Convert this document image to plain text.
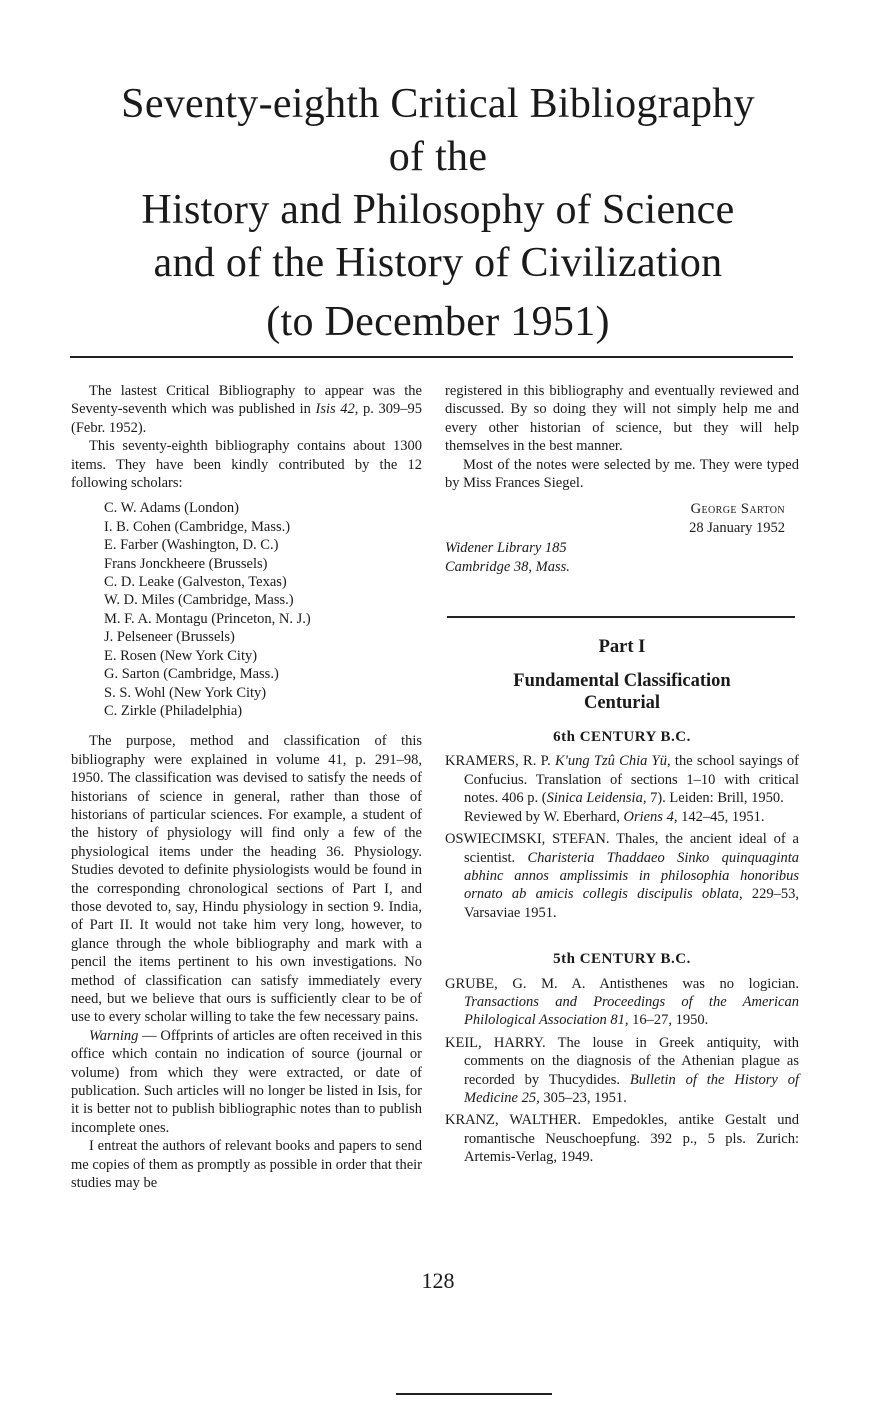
Seventy-eighth Critical Bibliography
of the
History and Philosophy of Science
and of the History of Civilization
(to December 1951)

The lastest Critical Bibliography to appear was the Seventy-seventh which was published in Isis 42, p. 309–95 (Febr. 1952).

This seventy-eighth bibliography contains about 1300 items. They have been kindly contributed by the 12 following scholars:

C. W. Adams (London)
I. B. Cohen (Cambridge, Mass.)
E. Farber (Washington, D. C.)
Frans Jonckheere (Brussels)
C. D. Leake (Galveston, Texas)
W. D. Miles (Cambridge, Mass.)
M. F. A. Montagu (Princeton, N. J.)
J. Pelseneer (Brussels)
E. Rosen (New York City)
G. Sarton (Cambridge, Mass.)
S. S. Wohl (New York City)
C. Zirkle (Philadelphia)

The purpose, method and classification of this bibliography were explained in volume 41, p. 291–98, 1950. The classification was devised to satisfy the needs of historians of science in general, rather than those of historians of particular sciences. For example, a student of the history of physiology will find only a few of the physiological items under the heading 36. Physiology. Studies devoted to definite physiologists would be found in the corresponding chronological sections of Part I, and those devoted to, say, Hindu physiology in section 9. India, of Part II. It would not take him very long, however, to glance through the whole bibliography and mark with a pencil the items pertinent to his own investigations. No method of classification can satisfy immediately every need, but we believe that ours is sufficiently clear to be of use to every scholar willing to take the few necessary pains.

Warning — Offprints of articles are often received in this office which contain no indication of source (journal or volume) from which they were extracted, or date of publication. Such articles will no longer be listed in Isis, for it is better not to publish bibliographic notes than to publish incomplete ones.

I entreat the authors of relevant books and papers to send me copies of them as promptly as possible in order that their studies may be

registered in this bibliography and eventually reviewed and discussed. By so doing they will not simply help me and every other historian of science, but they will help themselves in the best manner.

Most of the notes were selected by me. They were typed by Miss Frances Siegel.

George Sarton
28 January 1952
Widener Library 185
Cambridge 38, Mass.
Part I
Fundamental Classification
Centurial
6th CENTURY B.C.
KRAMERS, R. P. K'ung Tzû Chia Yü, the school sayings of Confucius. Translation of sections 1–10 with critical notes. 406 p. (Sinica Leidensia, 7). Leiden: Brill, 1950.
Reviewed by W. Eberhard, Oriens 4, 142–45, 1951.
OSWIECIMSKI, STEFAN. Thales, the ancient ideal of a scientist. Charisteria Thaddaeo Sinko quinquaginta abhinc annos amplissimis in philosophia honoribus ornato ab amicis collegis discipulis oblata, 229–53, Varsaviae 1951.
5th CENTURY B.C.
GRUBE, G. M. A. Antisthenes was no logician. Transactions and Proceedings of the American Philological Association 81, 16–27, 1950.
KEIL, HARRY. The louse in Greek antiquity, with comments on the diagnosis of the Athenian plague as recorded by Thucydides. Bulletin of the History of Medicine 25, 305–23, 1951.
KRANZ, WALTHER. Empedokles, antike Gestalt und romantische Neuschoepfung. 392 p., 5 pls. Zurich: Artemis-Verlag, 1949.
128
